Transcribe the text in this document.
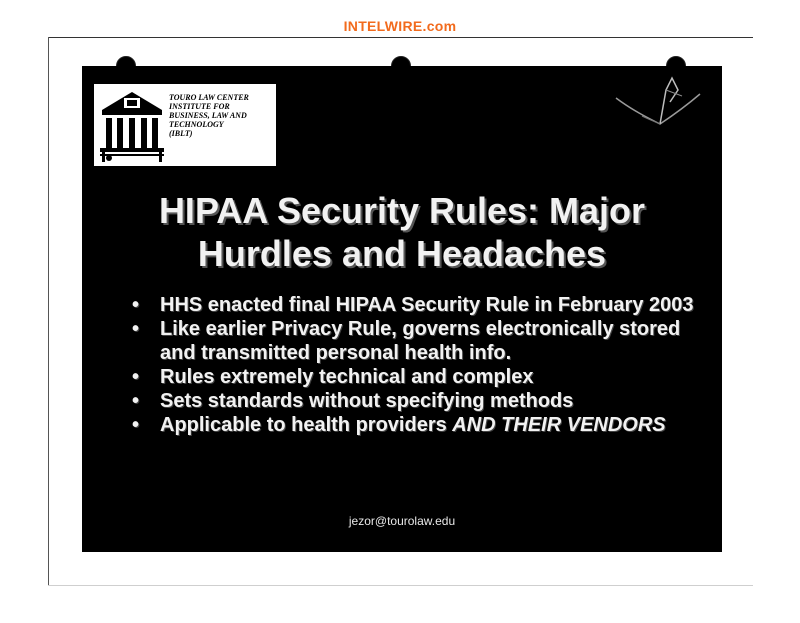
INTELWIRE.com
TOURO LAW CENTER
INSTITUTE FOR
BUSINESS, LAW AND
TECHNOLOGY
(IBLT)
HIPAA Security Rules: Major
Hurdles and Headaches
• HHS enacted final HIPAA Security Rule in February 2003
• Like earlier Privacy Rule, governs electronically stored and transmitted personal health info.
• Rules extremely technical and complex
• Sets standards without specifying methods
• Applicable to health providers AND THEIR VENDORS
jezor@tourolaw.edu
